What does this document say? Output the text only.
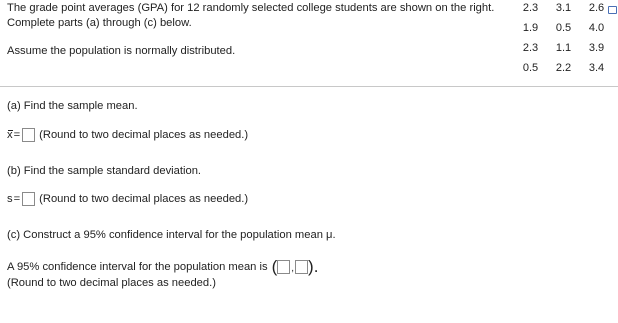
The grade point averages (GPA) for 12 randomly selected college students are shown on the right. Complete parts (a) through (c) below.
Assume the population is normally distributed.
2.3	3.1	2.6
1.9	0.5	4.0
2.3	1.1	3.9
0.5	2.2	3.4
(a) Find the sample mean.
x = (Round to two decimal places as needed.)
(b) Find the sample standard deviation.
s = (Round to two decimal places as needed.)
(c) Construct a 95% confidence interval for the population mean μ.
A 95% confidence interval for the population mean is ( , ).
(Round to two decimal places as needed.)
